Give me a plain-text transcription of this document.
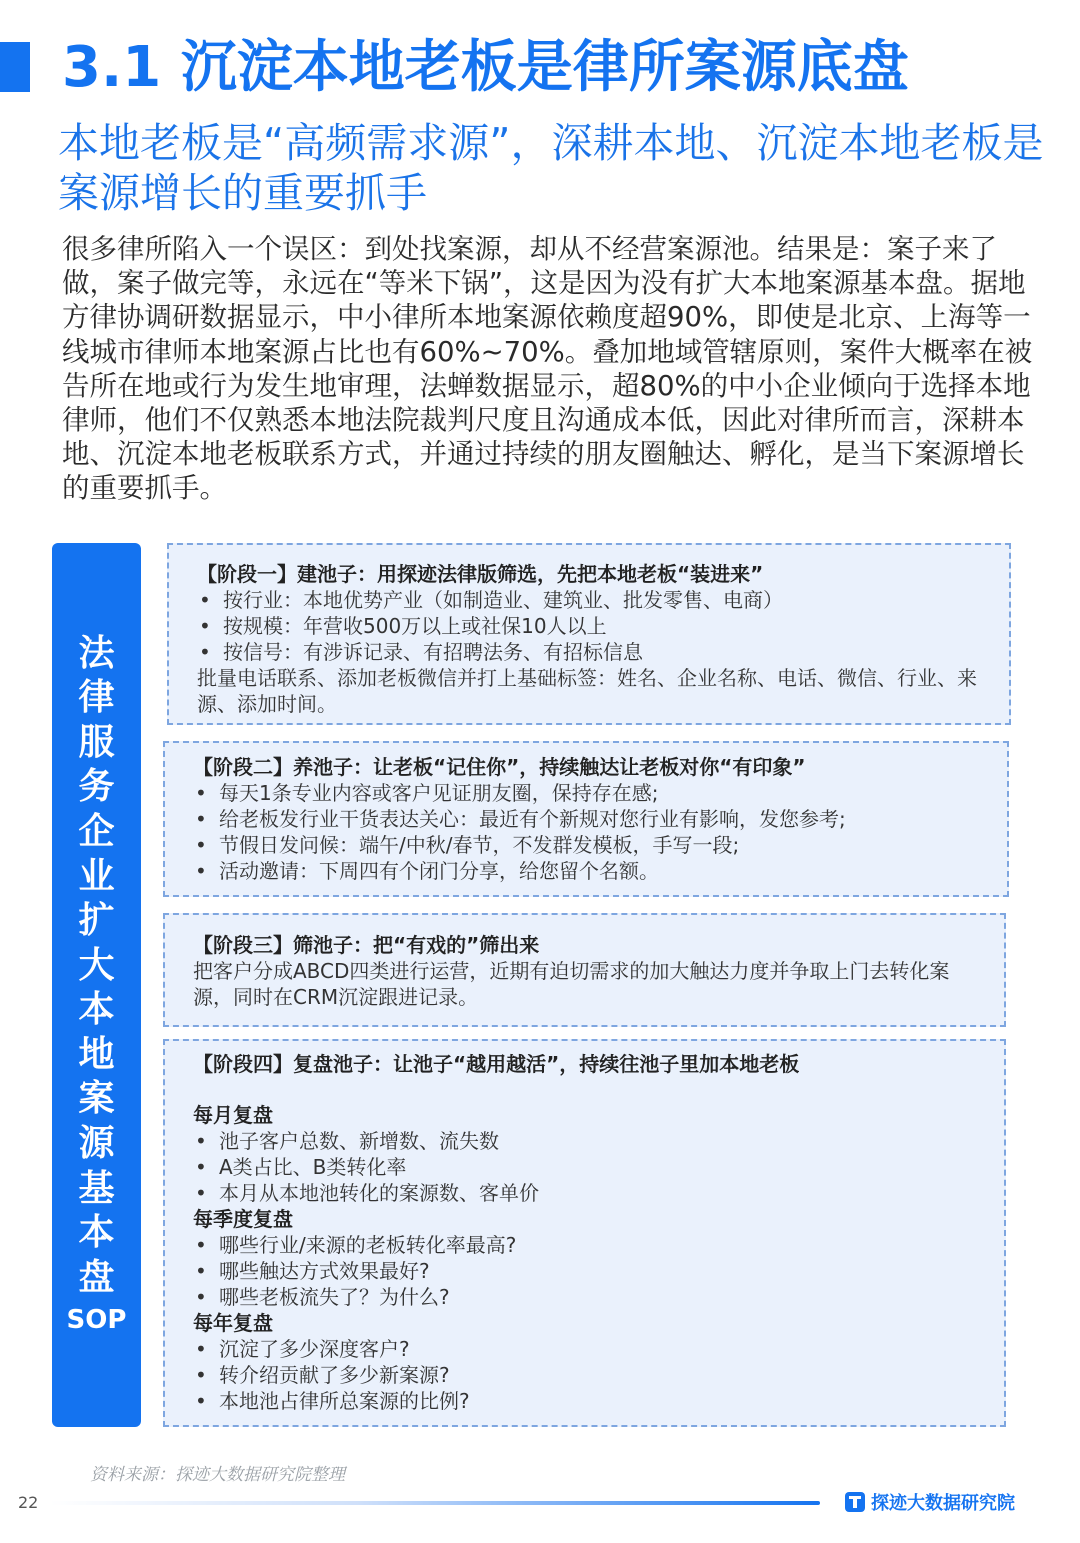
3.1 沉淀本地老板是律所案源底盘
本地老板是“高频需求源”，深耕本地、沉淀本地老板是案源增长的重要抓手

很多律所陷入一个误区：到处找案源，却从不经营案源池。结果是：案子来了做，案子做完等，永远在“等米下锅”，这是因为没有扩大本地案源基本盘。据地方律协调研数据显示，中小律所本地案源依赖度超90%，即使是北京、上海等一线城市律师本地案源占比也有60%~70%。叠加地域管辖原则，案件大概率在被告所在地或行为发生地审理，法蝉数据显示，超80%的中小企业倾向于选择本地律师，他们不仅熟悉本地法院裁判尺度且沟通成本低，因此对律所而言，深耕本地、沉淀本地老板联系方式，并通过持续的朋友圈触达、孵化，是当下案源增长的重要抓手。

法律服务企业扩大本地案源基本盘
SOP

【阶段一】建池子：用探迹法律版筛选，先把本地老板“装进来”

• 按行业：本地优势产业（如制造业、建筑业、批发零售、电商）
• 按规模：年营收500万以上或社保10人以上
• 按信号：有涉诉记录、有招聘法务、有招标信息

批量电话联系、添加老板微信并打上基础标签：姓名、企业名称、电话、微信、行业、来源、添加时间。

【阶段二】养池子：让老板“记住你”，持续触达让老板对你“有印象”

• 每天1条专业内容或客户见证朋友圈，保持存在感;
• 给老板发行业干货表达关心：最近有个新规对您行业有影响，发您参考;
• 节假日发问候：端午/中秋/春节，不发群发模板，手写一段;
• 活动邀请：下周四有个闭门分享，给您留个名额。

【阶段三】筛池子：把“有戏的”筛出来

把客户分成ABCD四类进行运营，近期有迫切需求的加大触达力度并争取上门去转化案源，同时在CRM沉淀跟进记录。

【阶段四】复盘池子：让池子“越用越活”，持续往池子里加本地老板

每月复盘

• 池子客户总数、新增数、流失数
• A类占比、B类转化率
• 本月从本地池转化的案源数、客单价

每季度复盘

• 哪些行业/来源的老板转化率最高?
• 哪些触达方式效果最好?
• 哪些老板流失了？为什么?

每年复盘

• 沉淀了多少深度客户?
• 转介绍贡献了多少新案源?
• 本地池占律所总案源的比例?

资料来源：探迹大数据研究院整理

22	探迹大数据研究院
